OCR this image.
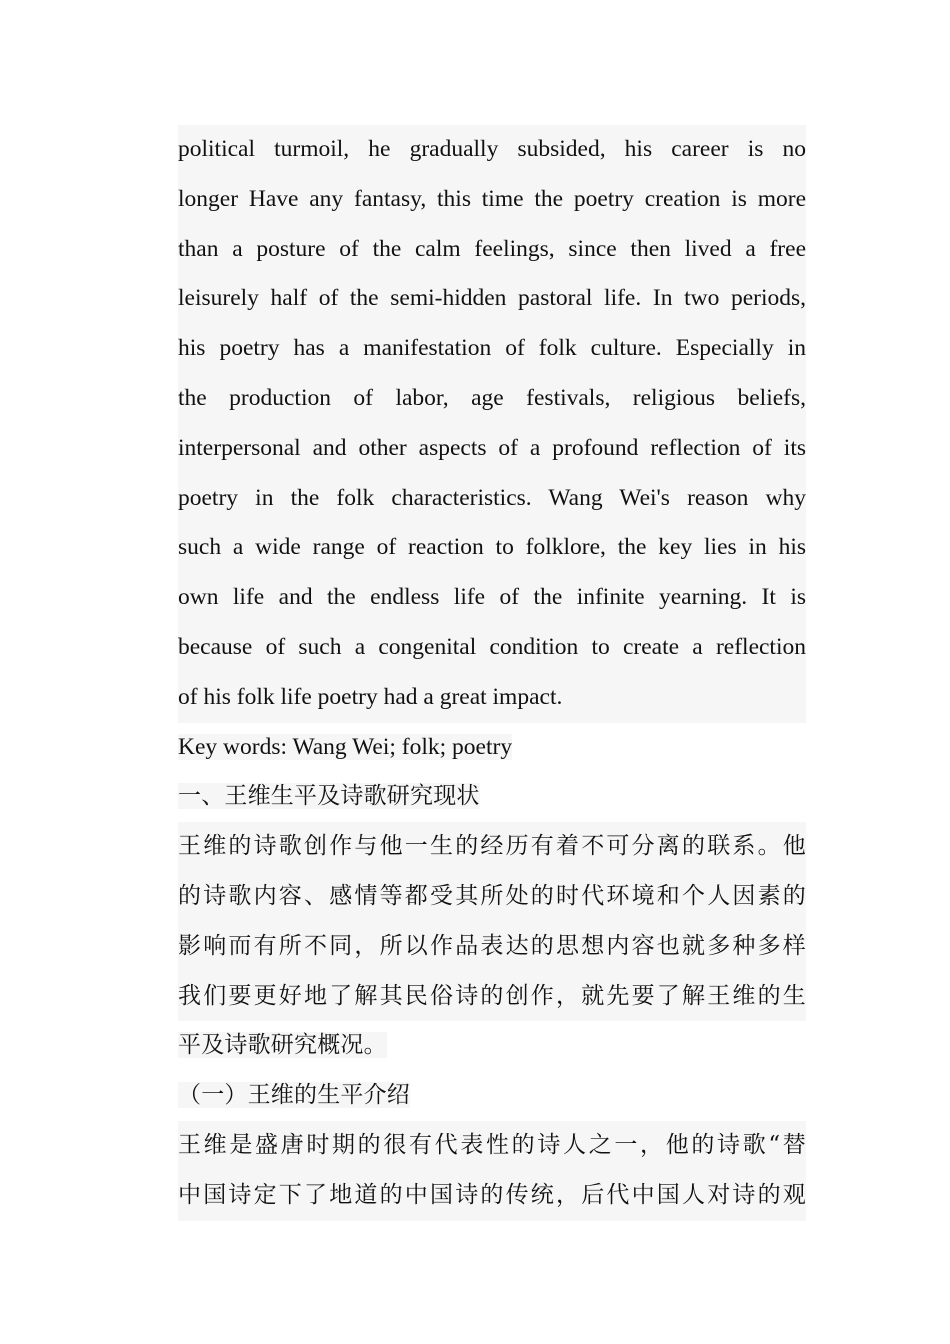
political turmoil, he gradually subsided, his career is no
longer Have any fantasy, this time the poetry creation is more
than a posture of the calm feelings, since then lived a free
leisurely half of the semi-hidden pastoral life. In two periods,
his poetry has a manifestation of folk culture. Especially in
the production of labor, age festivals, religious beliefs,
interpersonal and other aspects of a profound reflection of its
poetry in the folk characteristics. Wang Wei's reason why
such a wide range of reaction to folklore, the key lies in his
own life and the endless life of the infinite yearning. It is
because of such a congenital condition to create a reflection
of his folk life poetry had a great impact.
Key words: Wang Wei; folk; poetry
一、王维生平及诗歌研究现状
王维的诗歌创作与他一生的经历有着不可分离的联系。他
的诗歌内容、感情等都受其所处的时代环境和个人因素的
影响而有所不同，所以作品表达的思想内容也就多种多样
我们要更好地了解其民俗诗的创作，就先要了解王维的生
平及诗歌研究概况。
（一）王维的生平介绍
王维是盛唐时期的很有代表性的诗人之一，他的诗歌“替
中国诗定下了地道的中国诗的传统，后代中国人对诗的观
